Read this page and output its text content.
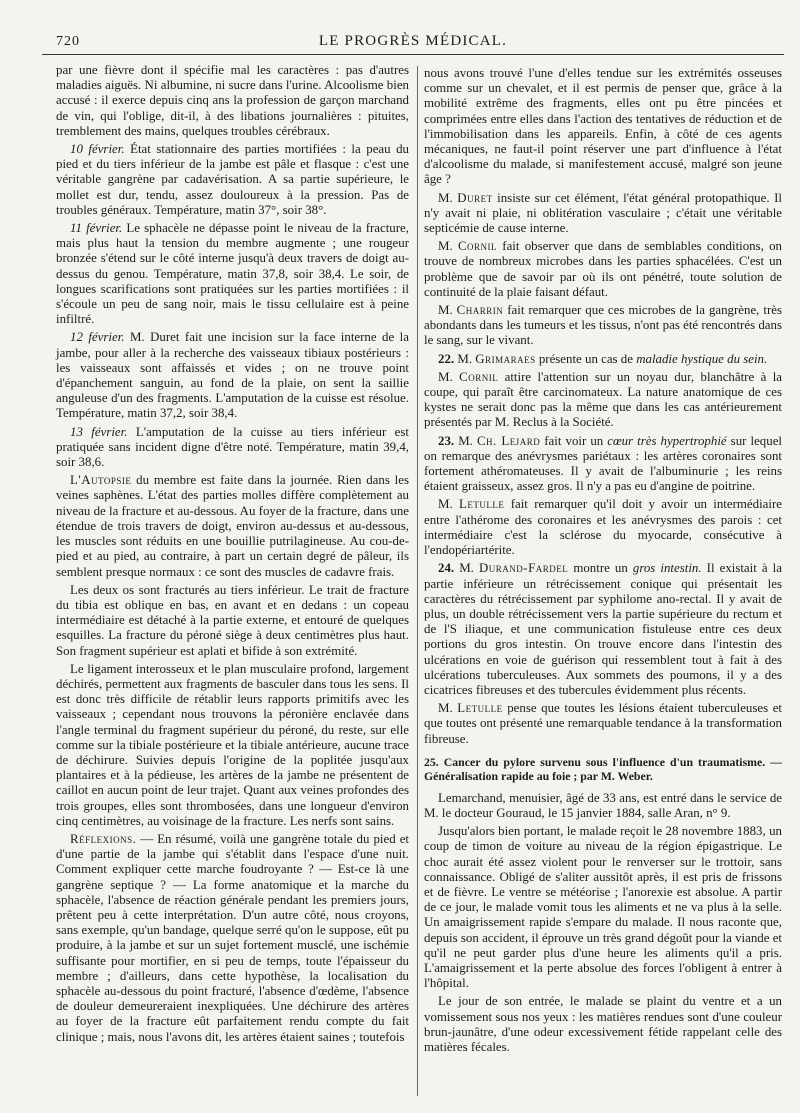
720	LE PROGRÈS MÉDICAL.

par une fièvre dont il spécifie mal les caractères : pas d'autres maladies aiguës. Ni albumine, ni sucre dans l'urine. Alcoolisme bien accusé : il exerce depuis cinq ans la profession de garçon marchand de vin, qui l'oblige, dit-il, à des libations journalières : pituites, tremblement des mains, quelques troubles cérébraux.

10 février. État stationnaire des parties mortifiées : la peau du pied et du tiers inférieur de la jambe est pâle et flasque : c'est une véritable gangrène par cadavérisation. A sa partie supérieure, le mollet est dur, tendu, assez douloureux à la pression. Pas de troubles généraux. Température, matin 37°, soir 38°.

11 février. Le sphacèle ne dépasse point le niveau de la fracture, mais plus haut la tension du membre augmente ; une rougeur bronzée s'étend sur le côté interne jusqu'à deux travers de doigt au-dessus du genou. Température, matin 37,8, soir 38,4. Le soir, de longues scarifications sont pratiquées sur les parties mortifiées : il s'écoule un peu de sang noir, mais le tissu cellulaire est à peine infiltré.

12 février. M. Duret fait une incision sur la face interne de la jambe, pour aller à la recherche des vaisseaux tibiaux postérieurs : les vaisseaux sont affaissés et vides ; on ne trouve point d'épanchement sanguin, au fond de la plaie, on sent la saillie anguleuse d'un des fragments. L'amputation de la cuisse est résolue. Température, matin 37,2, soir 38,4.

13 février. L'amputation de la cuisse au tiers inférieur est pratiquée sans incident digne d'être noté. Température, matin 39,4, soir 38,6.

L'Autopsie du membre est faite dans la journée. Rien dans les veines saphènes. L'état des parties molles diffère complètement au niveau de la fracture et au-dessous. Au foyer de la fracture, dans une étendue de trois travers de doigt, environ au-dessus et au-dessous, les muscles sont réduits en une bouillie putrilagineuse. Au cou-de-pied et au pied, au contraire, à part un certain degré de pâleur, ils semblent presque normaux : ce sont des muscles de cadavre frais.

Les deux os sont fracturés au tiers inférieur. Le trait de fracture du tibia est oblique en bas, en avant et en dedans : un copeau intermédiaire est détaché à la partie externe, et entouré de quelques esquilles. La fracture du péroné siège à deux centimètres plus haut. Son fragment supérieur est aplati et bifide à son extrémité.

Le ligament interosseux et le plan musculaire profond, largement déchirés, permettent aux fragments de basculer dans tous les sens. Il est donc très difficile de rétablir leurs rapports primitifs avec les vaisseaux ; cependant nous trouvons la péronière enclavée dans l'angle terminal du fragment supérieur du péroné, du reste, sur elle comme sur la tibiale postérieure et la tibiale antérieure, aucune trace de déchirure. Suivies depuis l'origine de la poplitée jusqu'aux plantaires et à la pédieuse, les artères de la jambe ne présentent de caillot en aucun point de leur trajet. Quant aux veines profondes des trois groupes, elles sont thrombosées, dans une longueur d'environ cinq centimètres, au voisinage de la fracture. Les nerfs sont sains.

Réflexions. — En résumé, voilà une gangrène totale du pied et d'une partie de la jambe qui s'établit dans l'espace d'une nuit. Comment expliquer cette marche foudroyante ? — Est-ce là une gangrène septique ? — La forme anatomique et la marche du sphacèle, l'absence de réaction générale pendant les premiers jours, prêtent peu à cette interprétation. D'un autre côté, nous croyons, sans exemple, qu'un bandage, quelque serré qu'on le suppose, eût pu produire, à la jambe et sur un sujet fortement musclé, une ischémie suffisante pour mortifier, en si peu de temps, toute l'épaisseur du membre ; d'ailleurs, dans cette hypothèse, la localisation du sphacèle au-dessous du point fracturé, l'absence d'œdème, l'absence de douleur demeureraient inexpliquées. Une déchirure des artères au foyer de la fracture eût parfaitement rendu compte du fait clinique ; mais, nous l'avons dit, les artères étaient saines ; toutefois

nous avons trouvé l'une d'elles tendue sur les extrémités osseuses comme sur un chevalet, et il est permis de penser que, grâce à la mobilité extrême des fragments, elles ont pu être pincées et comprimées entre elles dans l'action des tentatives de réduction et de l'immobilisation dans les appareils. Enfin, à côté de ces agents mécaniques, ne faut-il point réserver une part d'influence à l'état d'alcoolisme du malade, si manifestement accusé, malgré son jeune âge ?

M. Duret insiste sur cet élément, l'état général protopathique. Il n'y avait ni plaie, ni oblitération vasculaire ; c'était une véritable septicémie de cause interne.

M. Cornil fait observer que dans de semblables conditions, on trouve de nombreux microbes dans les parties sphacélées. C'est un problème que de savoir par où ils ont pénétré, toute solution de continuité de la plaie faisant défaut.

M. Charrin fait remarquer que ces microbes de la gangrène, très abondants dans les tumeurs et les tissus, n'ont pas été rencontrés dans le sang, sur le vivant.

22. M. Grimaraes présente un cas de maladie hystique du sein.

M. Cornil attire l'attention sur un noyau dur, blanchâtre à la coupe, qui paraît être carcinomateux. La nature anatomique de ces kystes ne serait donc pas la même que dans les cas antérieurement présentés par M. Reclus à la Société.

23. M. Ch. Lejard fait voir un cœur très hypertrophié sur lequel on remarque des anévrysmes pariétaux : les artères coronaires sont fortement athéromateuses. Il y avait de l'albuminurie ; les reins étaient graisseux, assez gros. Il n'y a pas eu d'angine de poitrine.

M. Letulle fait remarquer qu'il doit y avoir un intermédiaire entre l'athérome des coronaires et les anévrysmes des parois : cet intermédiaire c'est la sclérose du myocarde, consécutive à l'endopériartérite.

24. M. Durand-Fardel montre un gros intestin. Il existait à la partie inférieure un rétrécissement conique qui présentait les caractères du rétrécissement par syphilome ano-rectal. Il y avait de plus, un double rétrécissement vers la partie supérieure du rectum et de l'S iliaque, et une communication fistuleuse entre ces deux portions du gros intestin. On trouve encore dans l'intestin des ulcérations en voie de guérison qui ressemblent tout à fait à des ulcérations tuberculeuses. Aux sommets des poumons, il y a des cicatrices fibreuses et des tubercules évidemment plus récents.

M. Letulle pense que toutes les lésions étaient tuberculeuses et que toutes ont présenté une remarquable tendance à la transformation fibreuse.

25. Cancer du pylore survenu sous l'influence d'un traumatisme. — Généralisation rapide au foie ; par M. Weber.

Lemarchand, menuisier, âgé de 33 ans, est entré dans le service de M. le docteur Gouraud, le 15 janvier 1884, salle Aran, n° 9.

Jusqu'alors bien portant, le malade reçoit le 28 novembre 1883, un coup de timon de voiture au niveau de la région épigastrique. Le choc aurait été assez violent pour le renverser sur le trottoir, sans connaissance. Obligé de s'aliter aussitôt après, il est pris de frissons et de fièvre. Le ventre se météorise ; l'anorexie est absolue. A partir de ce jour, le malade vomit tous les aliments et ne va plus à la selle. Un amaigrissement rapide s'empare du malade. Il nous raconte que, depuis son accident, il éprouve un très grand dégoût pour la viande et qu'il ne peut garder plus d'une heure les aliments qu'il a pris. L'amaigrissement et la perte absolue des forces l'obligent à entrer à l'hôpital.

Le jour de son entrée, le malade se plaint du ventre et a un vomissement sous nos yeux : les matières rendues sont d'une couleur brun-jaunâtre, d'une odeur excessivement fétide rappelant celle des matières fécales.
